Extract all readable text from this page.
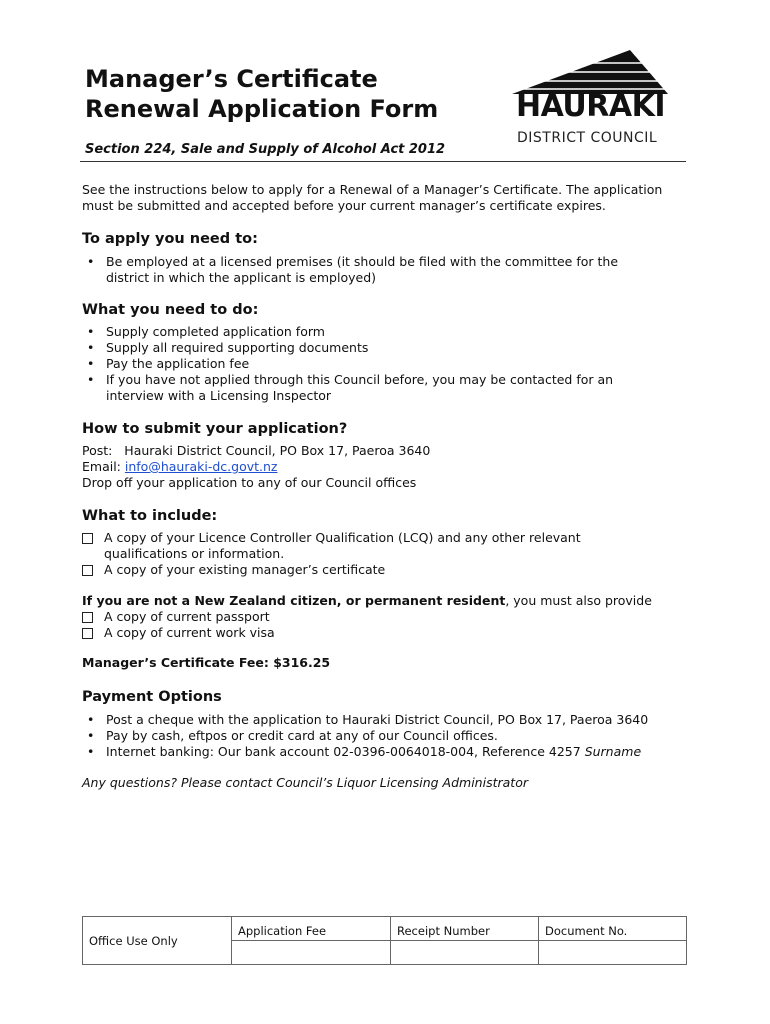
Manager’s Certificate
Renewal Application Form	HAURAKI
DISTRICT COUNCIL
Section 224, Sale and Supply of Alcohol Act 2012
See the instructions below to apply for a Renewal of a Manager’s Certificate. The application must be submitted and accepted before your current manager’s certificate expires.
To apply you need to:
• Be employed at a licensed premises (it should be filed with the committee for the district in which the applicant is employed)
What you need to do:
• Supply completed application form
• Supply all required supporting documents
• Pay the application fee
• If you have not applied through this Council before, you may be contacted for an interview with a Licensing Inspector
How to submit your application?
Post: Hauraki District Council, PO Box 17, Paeroa 3640
Email: info@hauraki-dc.govt.nz
Drop off your application to any of our Council offices
What to include:
A copy of your Licence Controller Qualification (LCQ) and any other relevant qualifications or information.
A copy of your existing manager’s certificate
If you are not a New Zealand citizen, or permanent resident, you must also provide
A copy of current passport
A copy of current work visa
Manager’s Certificate Fee: $316.25
Payment Options
• Post a cheque with the application to Hauraki District Council, PO Box 17, Paeroa 3640
• Pay by cash, eftpos or credit card at any of our Council offices.
• Internet banking: Our bank account 02-0396-0064018-004, Reference 4257 Surname
Any questions? Please contact Council’s Liquor Licensing Administrator
Office Use Only	Application Fee	Receipt Number	Document No.
